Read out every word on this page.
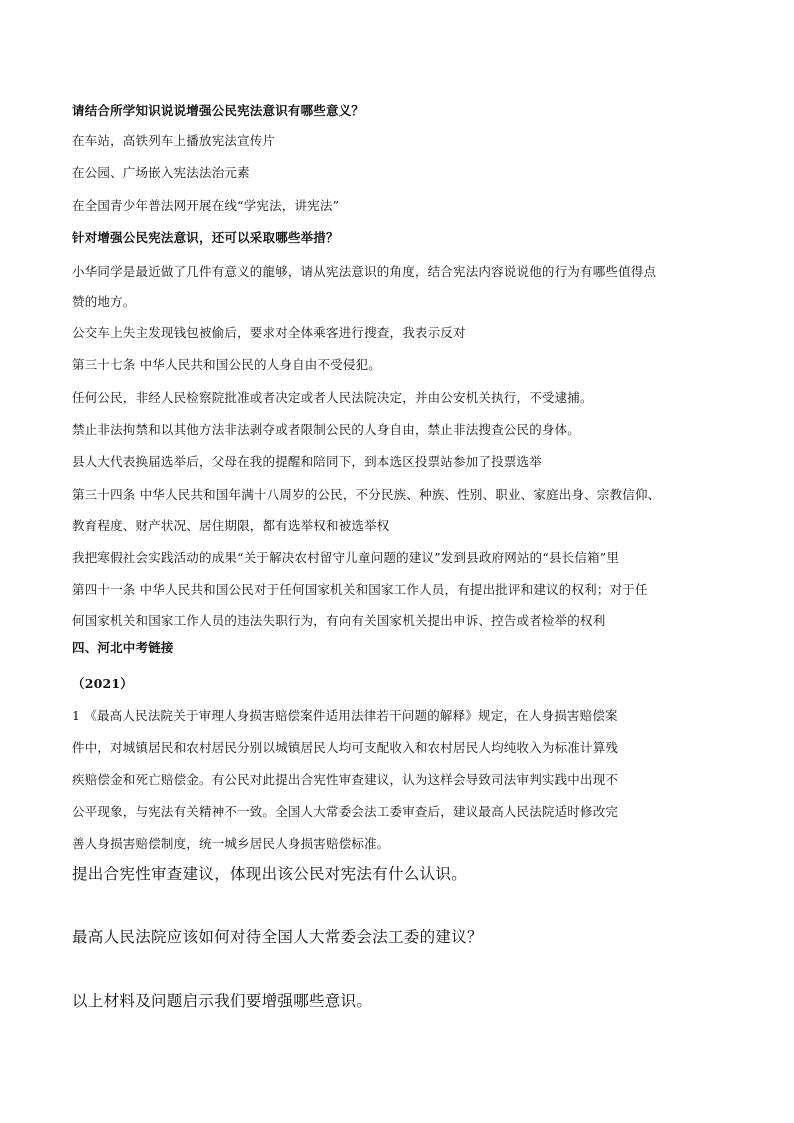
请结合所学知识说说增强公民宪法意识有哪些意义？
在车站，高铁列车上播放宪法宣传片
在公园、广场嵌入宪法法治元素
在全国青少年普法网开展在线“学宪法，讲宪法”
针对增强公民宪法意识，还可以采取哪些举措？
小华同学是最近做了几件有意义的龍够，请从宪法意识的角度，结合宪法内容说说他的行为有哪些值得点
赞的地方。
公交车上失主发现钱包被偷后，要求对全体乘客进行搜查，我表示反对
第三十七条 中华人民共和国公民的人身自由不受侵犯。
任何公民，非经人民检察院批准或者决定或者人民法院决定，并由公安机关执行，不受逮捕。
禁止非法拘禁和以其他方法非法剥夺或者限制公民的人身自由，禁止非法搜查公民的身体。
县人大代表换届选举后，父母在我的提醒和陪同下，到本选区投票站参加了投票选举
第三十四条 中华人民共和国年满十八周岁的公民，不分民族、种族、性别、职业、家庭出身、宗教信仰、
教育程度、财产状况、居住期限，都有选举权和被选举权
我把寒假社会实践活动的成果“关于解决农村留守儿童问题的建议”发到县政府网站的“县长信箱”里
第四十一条 中华人民共和国公民对于任何国家机关和国家工作人员，有提出批评和建议的权利；对于任
何国家机关和国家工作人员的违法失职行为，有向有关国家机关提出申诉、控告或者检举的权利
四、河北中考链接
（2021）
1 《最高人民法院关于审理人身损害赔偿案件适用法律若干问题的解释》规定，在人身损害赔偿案
件中，对城镇居民和农村居民分别以城镇居民人均可支配收入和农村居民人均纯收入为标准计算残
疾赔偿金和死亡赔偿金。有公民对此提出合宪性审查建议，认为这样会导致司法审判实践中出现不
公平现象，与宪法有关精神不一致。全国人大常委会法工委审查后，建议最高人民法院适时修改完
善人身损害赔偿制度，统一城乡居民人身损害赔偿标准。
提出合宪性审查建议，体现出该公民对宪法有什么认识。
最高人民法院应该如何对待全国人大常委会法工委的建议？
以上材料及问题启示我们要增强哪些意识。
